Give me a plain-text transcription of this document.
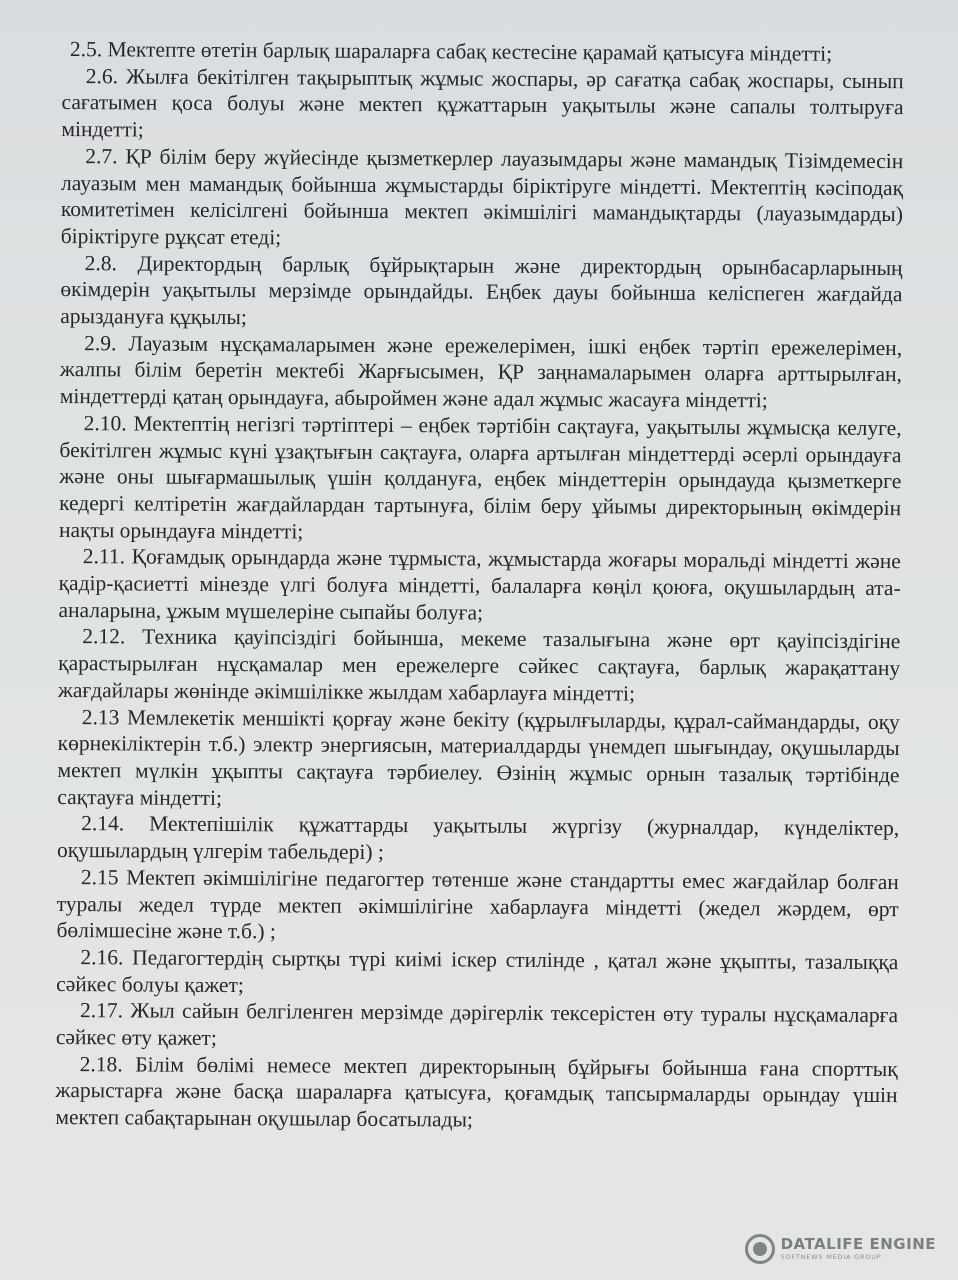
2.5. Мектепте өтетін барлық шараларға сабақ кестесіне қарамай қатысуға міндетті;

2.6. Жылға бекітілген тақырыптық жұмыс жоспары, әр сағатқа сабақ жоспары, сынып сағатымен қоса болуы және мектеп құжаттарын уақытылы және сапалы толтыруға міндетті;

2.7. ҚР білім беру жүйесінде қызметкерлер лауазымдары және мамандық Тізімдемесін лауазым мен мамандық бойынша жұмыстарды біріктіруге міндетті. Мектептің кәсіподақ комитетімен келісілгені бойынша мектеп әкімшілігі мамандықтарды (лауазымдарды) біріктіруге рұқсат етеді;

2.8. Директордың барлық бұйрықтарын және директордың орынбасарларының өкімдерін уақытылы мерзімде орындайды. Еңбек дауы бойынша келіспеген жағдайда арыздануға құқылы;

2.9. Лауазым нұсқамаларымен және ережелерімен, ішкі еңбек тәртіп ережелерімен, жалпы білім беретін мектебі Жарғысымен, ҚР заңнамаларымен оларға арттырылған, міндеттерді қатаң орындауға, абыроймен және адал жұмыс жасауға міндетті;

2.10. Мектептің негізгі тәртіптері – еңбек тәртібін сақтауға, уақытылы жұмысқа келуге, бекітілген жұмыс күні ұзақтығын сақтауға, оларға артылған міндеттерді әсерлі орындауға және оны шығармашылық үшін қолдануға, еңбек міндеттерін орындауда қызметкерге кедергі келтіретін жағдайлардан тартынуға, білім беру ұйымы директорының өкімдерін нақты орындауға міндетті;

2.11. Қоғамдық орындарда және тұрмыста, жұмыстарда жоғары моральді міндетті және қадір-қасиетті мінезде үлгі болуға міндетті, балаларға көңіл қоюға, оқушылардың ата-аналарына, ұжым мүшелеріне сыпайы болуға;

2.12. Техника қауіпсіздігі бойынша, мекеме тазалығына және өрт қауіпсіздігіне қарастырылған нұсқамалар мен ережелерге сәйкес сақтауға, барлық жарақаттану жағдайлары жөнінде әкімшілікке жылдам хабарлауға міндетті;

2.13 Мемлекетік меншікті қорғау және бекіту (құрылғыларды, құрал-саймандарды, оқу көрнекіліктерін т.б.) электр энергиясын, материалдарды үнемдеп шығындау, оқушыларды мектеп мүлкін ұқыпты сақтауға тәрбиелеу. Өзінің жұмыс орнын тазалық тәртібінде сақтауға міндетті;

2.14. Мектепішілік құжаттарды уақытылы жүргізу (журналдар, күнделіктер, оқушылардың үлгерім табельдері) ;

2.15 Мектеп әкімшілігіне педагогтер төтенше және стандартты емес жағдайлар болған туралы жедел түрде мектеп әкімшілігіне хабарлауға міндетті (жедел жәрдем, өрт бөлімшесіне және т.б.) ;

2.16. Педагогтердің сыртқы түрі киімі іскер стилінде , қатал және ұқыпты, тазалыққа сәйкес болуы қажет;

2.17. Жыл сайын белгіленген мерзімде дәрігерлік тексерістен өту туралы нұсқамаларға сәйкес өту қажет;

2.18. Білім бөлімі немесе мектеп директорының бұйрығы бойынша ғана спорттық жарыстарға және басқа шараларға қатысуға, қоғамдық тапсырмаларды орындау үшін мектеп сабақтарынан оқушылар босатылады;

DATALIFE ENGINE
SOFTNEWS MEDIA GROUP
